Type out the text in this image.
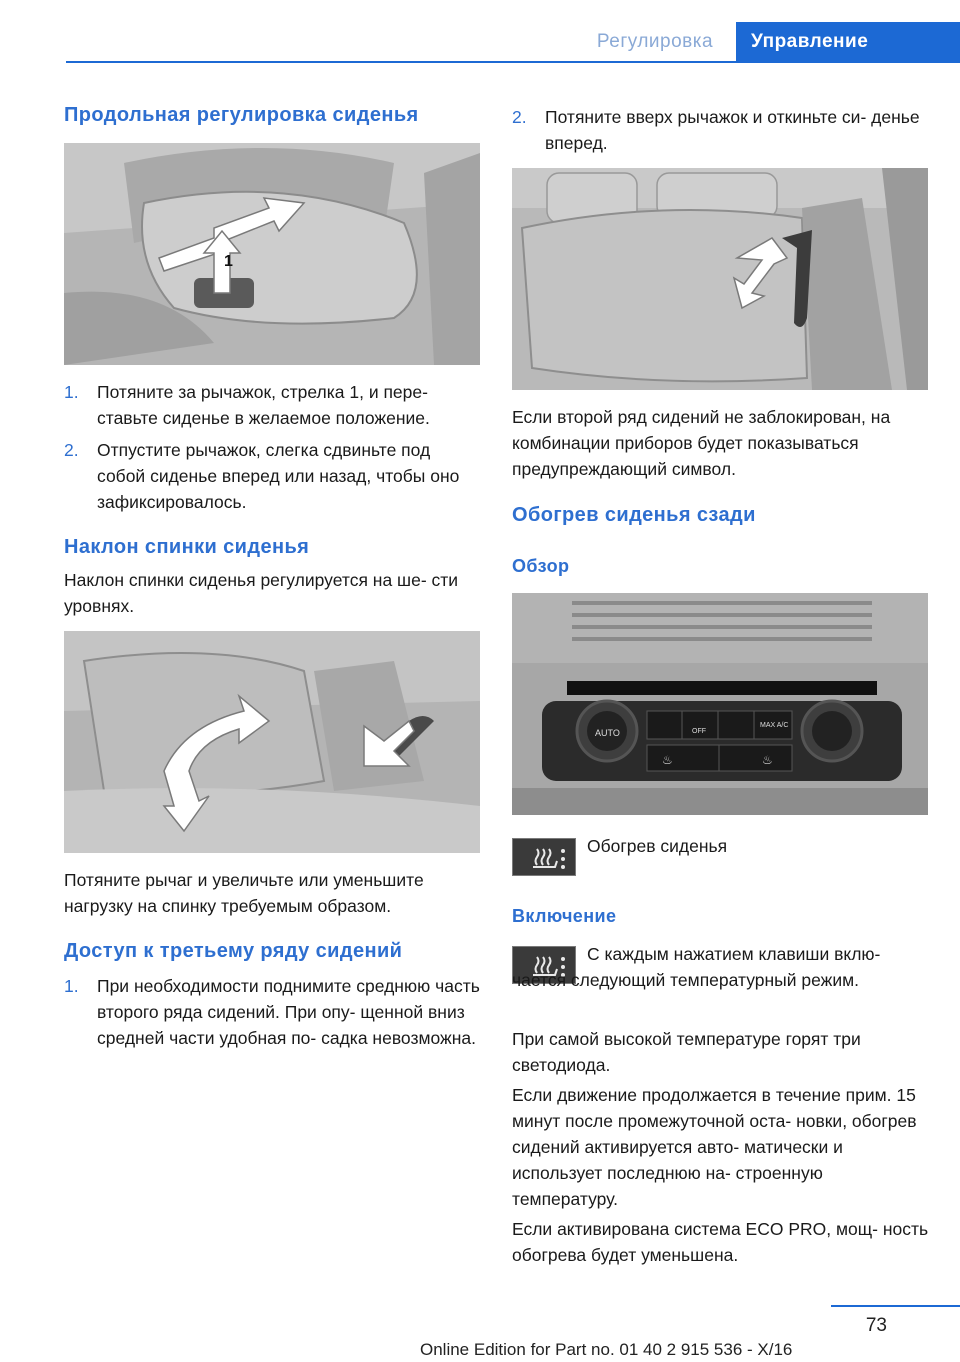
Регулировка	Управление
Продольная регулировка сиденья
1
1. Потяните за рычажок, стрелка 1, и пере‐ ставьте сиденье в желаемое положение.
2. Отпустите рычажок, слегка сдвиньте под собой сиденье вперед или назад, чтобы оно зафиксировалось.
Наклон спинки сиденья

Наклон спинки сиденья регулируется на ше‐ сти уровнях.

Потяните рычаг и увеличьте или уменьшите нагрузку на спинку требуемым образом.

Доступ к третьему ряду сидений
1. При необходимости поднимите среднюю часть второго ряда сидений. При опу‐ щенной вниз средней части удобная по‐ садка невозможна.
2. Потяните вверх рычажок и откиньте си‐ денье вперед.

Если второй ряд сидений не заблокирован, на комбинации приборов будет показываться предупреждающий символ.

Обогрев сиденья сзади
Обзор
AUTO	OFF
MAX A/C
♨	♨
Обогрев сиденья
Включение

С каждым нажатием клавиши вклю‐ чается следующий температурный режим.

При самой высокой температуре горят три светодиода.

Если движение продолжается в течение прим. 15 минут после промежуточной оста‐ новки, обогрев сидений активируется авто‐ матически и использует последнюю на‐ строенную температуру.

Если активирована система ECO PRO, мощ‐ ность обогрева будет уменьшена.

73
Online Edition for Part no. 01 40 2 915 536 - X/16
